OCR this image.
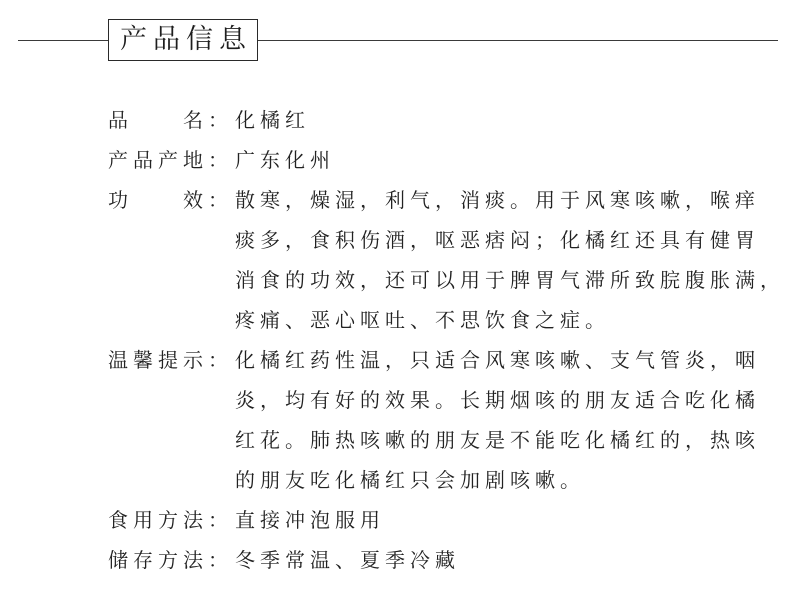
产品信息
品　　名： 化橘红
产品产地： 广东化州
功　　效： 散寒，燥湿，利气，消痰。用于风寒咳嗽，喉痒
痰多，食积伤酒，呕恶痞闷；化橘红还具有健胃
消食的功效，还可以用于脾胃气滞所致脘腹胀满，
疼痛、恶心呕吐、不思饮食之症。
温馨提示： 化橘红药性温，只适合风寒咳嗽、支气管炎，咽
炎，均有好的效果。长期烟咳的朋友适合吃化橘
红花。肺热咳嗽的朋友是不能吃化橘红的，热咳
的朋友吃化橘红只会加剧咳嗽。
食用方法： 直接冲泡服用
储存方法： 冬季常温、夏季冷藏
